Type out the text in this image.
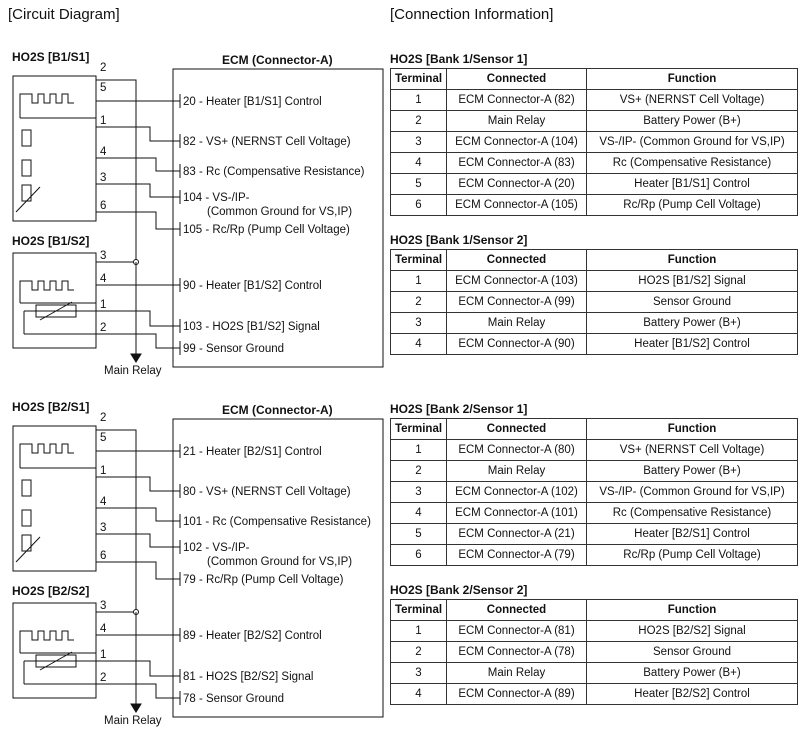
[Circuit Diagram]	[Connection Information]
HO2S [B1/S1]
HO2S [B1/S2]
ECM (Connector-A)
2
5
1
4
3
6
3
4
1
2
Main Relay
20 - Heater [B1/S1] Control
82 - VS+ (NERNST Cell Voltage)
83 - Rc (Compensative Resistance)
104 - VS-/IP-
(Common Ground for VS,IP)
105 - Rc/Rp (Pump Cell Voltage)
90 - Heater [B1/S2] Control
103 - HO2S [B1/S2] Signal
99 - Sensor Ground
HO2S [B2/S1]
HO2S [B2/S2]
ECM (Connector-A)
2
5
1
4
3
6
3
4
1
2
Main Relay
21 - Heater [B2/S1] Control
80 - VS+ (NERNST Cell Voltage)
101 - Rc (Compensative Resistance)
102 - VS-/IP-
(Common Ground for VS,IP)
79 - Rc/Rp (Pump Cell Voltage)
89 - Heater [B2/S2] Control
81 - HO2S [B2/S2] Signal
78 - Sensor Ground
HO2S [Bank 1/Sensor 1]
Terminal	Connected	Function
1	ECM Connector-A (82)	VS+ (NERNST Cell Voltage)
2	Main Relay	Battery Power (B+)
3	ECM Connector-A (104)	VS-/IP- (Common Ground for VS,IP)
4	ECM Connector-A (83)	Rc (Compensative Resistance)
5	ECM Connector-A (20)	Heater [B1/S1] Control
6	ECM Connector-A (105)	Rc/Rp (Pump Cell Voltage)
HO2S [Bank 1/Sensor 2]
Terminal	Connected	Function
1	ECM Connector-A (103)	HO2S [B1/S2] Signal
2	ECM Connector-A (99)	Sensor Ground
3	Main Relay	Battery Power (B+)
4	ECM Connector-A (90)	Heater [B1/S2] Control
HO2S [Bank 2/Sensor 1]
Terminal	Connected	Function
1	ECM Connector-A (80)	VS+ (NERNST Cell Voltage)
2	Main Relay	Battery Power (B+)
3	ECM Connector-A (102)	VS-/IP- (Common Ground for VS,IP)
4	ECM Connector-A (101)	Rc (Compensative Resistance)
5	ECM Connector-A (21)	Heater [B2/S1] Control
6	ECM Connector-A (79)	Rc/Rp (Pump Cell Voltage)
HO2S [Bank 2/Sensor 2]
Terminal	Connected	Function
1	ECM Connector-A (81)	HO2S [B2/S2] Signal
2	ECM Connector-A (78)	Sensor Ground
3	Main Relay	Battery Power (B+)
4	ECM Connector-A (89)	Heater [B2/S2] Control
